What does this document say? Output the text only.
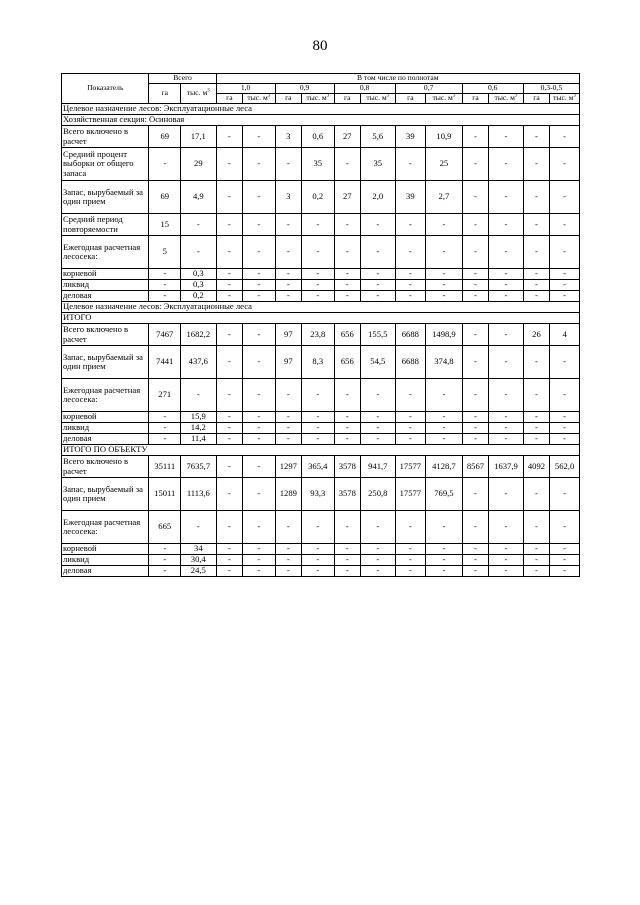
80
Показатель	Всего		В том числе по полнотам											
	га	тыс. $м^3$	1,0		0,9		0,8		0,7		0,6		0,3-0,5	
			га	тыс. $м^3$	га	тыс. $м^3$	га	тыс. $м^3$	га	тыс. $м^3$	га	тыс. $м^3$	га	тыс. $м^3$
Целевое назначение лесов: Эксплуатационные леса														
Хозяйственная секция: Осиновая														
Всего включено в расчет	69	17,1	-	-	3	0,6	27	5,6	39	10,9	-	-	-	-
Средний процент выборки от общего запаса	-	29	-	-	-	35	-	35	-	25	-	-	-	-
Запас, вырубаемый за один прием	69	4,9	-	-	3	0,2	27	2,0	39	2,7	-	-	-	-
Средний период повторяемости	15	-	-	-	-	-	-	-	-	-	-	-	-	-
Ежегодная расчетная лесосека:	5	-	-	-	-	-	-	-	-	-	-	-	-	-
корневой	-	0,3	-	-	-	-	-	-	-	-	-	-	-	-
ликвид	-	0,3	-	-	-	-	-	-	-	-	-	-	-	-
деловая	-	0,2	-	-	-	-	-	-	-	-	-	-	-	-
Целевое назначение лесов: Эксплуатационные леса														
ИТОГО														
Всего включено в расчет	7467	1682,2	-	-	97	23,8	656	155,5	6688	1498,9	-	-	26	4
Запас, вырубаемый за один прием	7441	437,6	-	-	97	8,3	656	54,5	6688	374,8	-	-	-	-
Ежегодная расчетная лесосека:	271	-	-	-	-	-	-	-	-	-	-	-	-	-
корневой	-	15,9	-	-	-	-	-	-	-	-	-	-	-	-
ликвид	-	14,2	-	-	-	-	-	-	-	-	-	-	-	-
деловая	-	11,4	-	-	-	-	-	-	-	-	-	-	-	-
ИТОГО ПО ОБЪЕКТУ														
Всего включено в расчет	35111	7635,7	-	-	1297	365,4	3578	941,7	17577	4128,7	8567	1637,9	4092	562,0
Запас, вырубаемый за один прием	15011	1113,6	-	-	1289	93,3	3578	250,8	17577	769,5	-	-	-	-
Ежегодная расчетная лесосека:	665	-	-	-	-	-	-	-	-	-	-	-	-	-
корневой	-	34	-	-	-	-	-	-	-	-	-	-	-	-
ликвид	-	30,4	-	-	-	-	-	-	-	-	-	-	-	-
деловая	-	24,5	-	-	-	-	-	-	-	-	-	-	-	-
